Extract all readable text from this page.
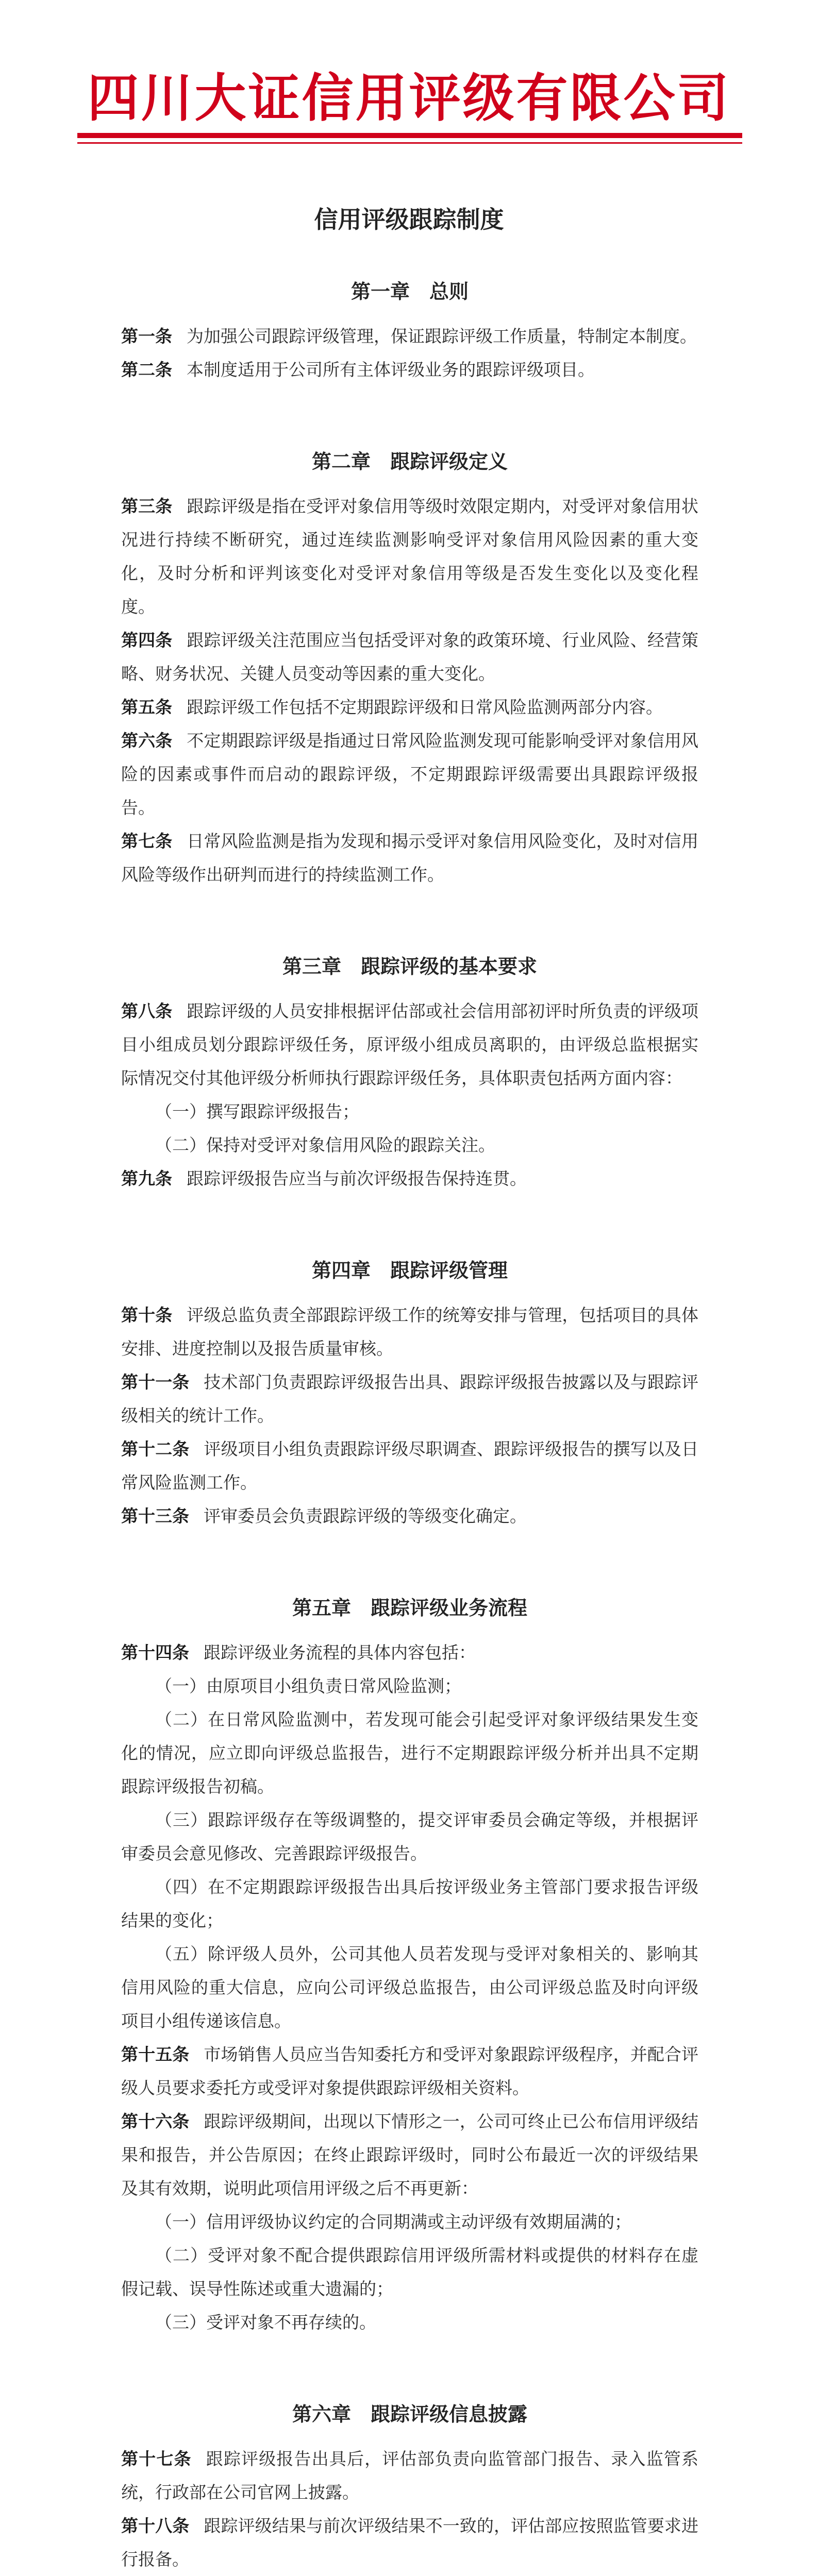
四川大证信用评级有限公司
信用评级跟踪制度
第一章　总则

第一条 为加强公司跟踪评级管理，保证跟踪评级工作质量，特制定本制度。

第二条 本制度适用于公司所有主体评级业务的跟踪评级项目。

第二章　跟踪评级定义

第三条 跟踪评级是指在受评对象信用等级时效限定期内，对受评对象信用状况进行持续不断研究，通过连续监测影响受评对象信用风险因素的重大变化，及时分析和评判该变化对受评对象信用等级是否发生变化以及变化程度。

第四条 跟踪评级关注范围应当包括受评对象的政策环境、行业风险、经营策略、财务状况、关键人员变动等因素的重大变化。

第五条 跟踪评级工作包括不定期跟踪评级和日常风险监测两部分内容。

第六条 不定期跟踪评级是指通过日常风险监测发现可能影响受评对象信用风险的因素或事件而启动的跟踪评级，不定期跟踪评级需要出具跟踪评级报告。

第七条 日常风险监测是指为发现和揭示受评对象信用风险变化，及时对信用风险等级作出研判而进行的持续监测工作。

第三章　跟踪评级的基本要求

第八条 跟踪评级的人员安排根据评估部或社会信用部初评时所负责的评级项目小组成员划分跟踪评级任务，原评级小组成员离职的，由评级总监根据实际情况交付其他评级分析师执行跟踪评级任务，具体职责包括两方面内容：

（一）撰写跟踪评级报告；

（二）保持对受评对象信用风险的跟踪关注。

第九条 跟踪评级报告应当与前次评级报告保持连贯。

第四章　跟踪评级管理

第十条 评级总监负责全部跟踪评级工作的统筹安排与管理，包括项目的具体安排、进度控制以及报告质量审核。

第十一条 技术部门负责跟踪评级报告出具、跟踪评级报告披露以及与跟踪评级相关的统计工作。

第十二条 评级项目小组负责跟踪评级尽职调查、跟踪评级报告的撰写以及日常风险监测工作。

第十三条 评审委员会负责跟踪评级的等级变化确定。

第五章　跟踪评级业务流程

第十四条 跟踪评级业务流程的具体内容包括：

（一）由原项目小组负责日常风险监测；

（二）在日常风险监测中，若发现可能会引起受评对象评级结果发生变化的情况，应立即向评级总监报告，进行不定期跟踪评级分析并出具不定期跟踪评级报告初稿。

（三）跟踪评级存在等级调整的，提交评审委员会确定等级，并根据评审委员会意见修改、完善跟踪评级报告。

（四）在不定期跟踪评级报告出具后按评级业务主管部门要求报告评级结果的变化；

（五）除评级人员外，公司其他人员若发现与受评对象相关的、影响其信用风险的重大信息，应向公司评级总监报告，由公司评级总监及时向评级项目小组传递该信息。

第十五条 市场销售人员应当告知委托方和受评对象跟踪评级程序，并配合评级人员要求委托方或受评对象提供跟踪评级相关资料。

第十六条 跟踪评级期间，出现以下情形之一，公司可终止已公布信用评级结果和报告，并公告原因；在终止跟踪评级时，同时公布最近一次的评级结果及其有效期，说明此项信用评级之后不再更新：

（一）信用评级协议约定的合同期满或主动评级有效期届满的；

（二）受评对象不配合提供跟踪信用评级所需材料或提供的材料存在虚假记载、误导性陈述或重大遗漏的；

（三）受评对象不再存续的。

第六章　跟踪评级信息披露

第十七条 跟踪评级报告出具后，评估部负责向监管部门报告、录入监管系统，行政部在公司官网上披露。

第十八条 跟踪评级结果与前次评级结果不一致的，评估部应按照监管要求进行报备。
